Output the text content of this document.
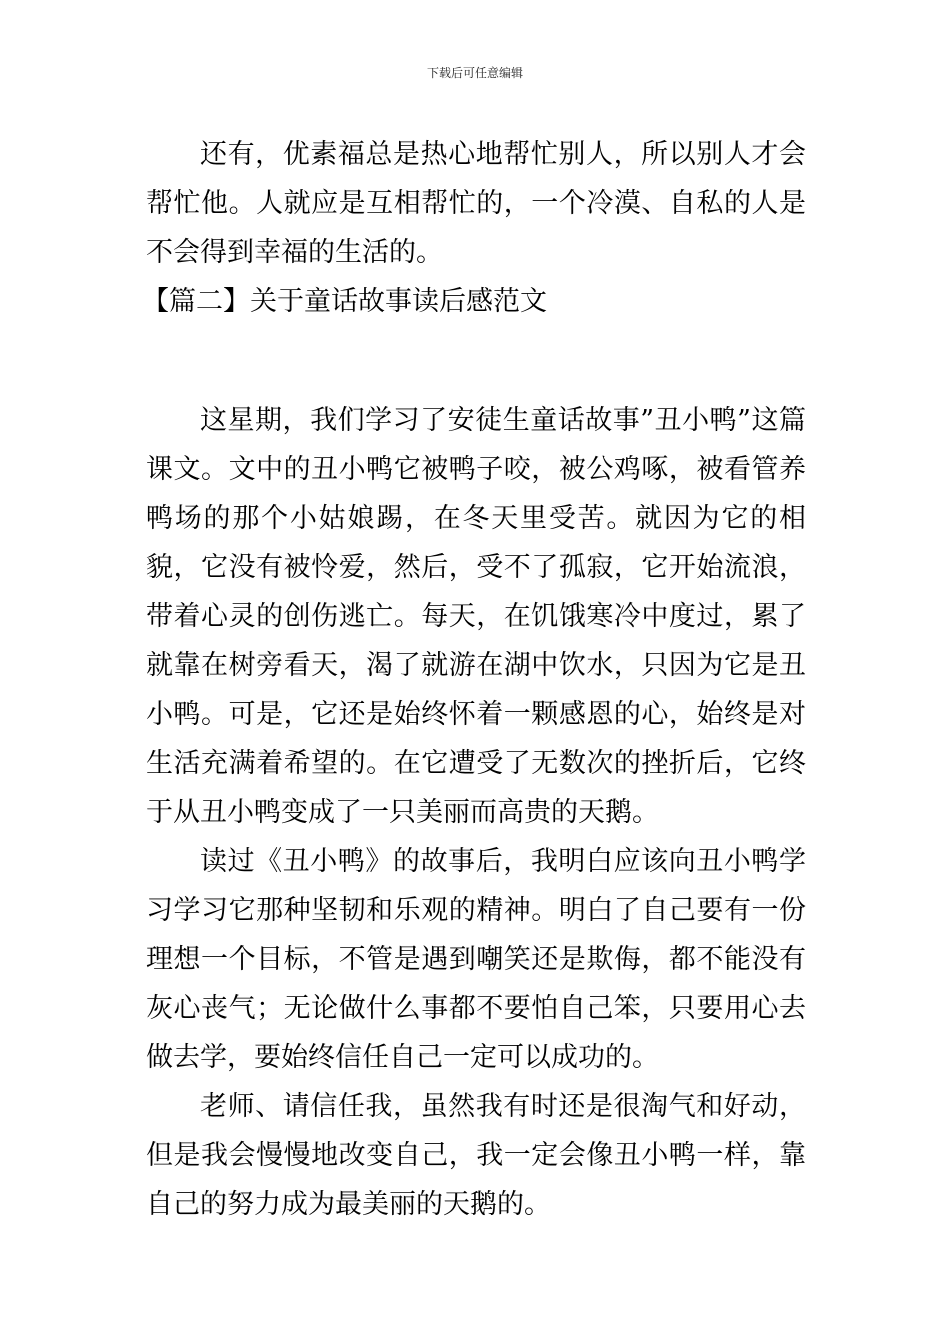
下载后可任意编辑

还有，优素福总是热心地帮忙别人，所以别人才会帮忙他。人就应是互相帮忙的，一个冷漠、自私的人是不会得到幸福的生活的。

【篇二】关于童话故事读后感范文

这星期，我们学习了安徒生童话故事”丑小鸭”这篇课文。文中的丑小鸭它被鸭子咬，被公鸡啄，被看管养鸭场的那个小姑娘踢，在冬天里受苦。就因为它的相貌，它没有被怜爱，然后，受不了孤寂，它开始流浪，带着心灵的创伤逃亡。每天，在饥饿寒冷中度过，累了就靠在树旁看天，渴了就游在湖中饮水，只因为它是丑小鸭。可是，它还是始终怀着一颗感恩的心，始终是对生活充满着希望的。在它遭受了无数次的挫折后，它终于从丑小鸭变成了一只美丽而高贵的天鹅。

读过《丑小鸭》的故事后，我明白应该向丑小鸭学习学习它那种坚韧和乐观的精神。明白了自己要有一份理想一个目标，不管是遇到嘲笑还是欺侮，都不能没有灰心丧气；无论做什么事都不要怕自己笨，只要用心去做去学，要始终信任自己一定可以成功的。

老师、请信任我，虽然我有时还是很淘气和好动，但是我会慢慢地改变自己，我一定会像丑小鸭一样，靠自己的努力成为最美丽的天鹅的。
